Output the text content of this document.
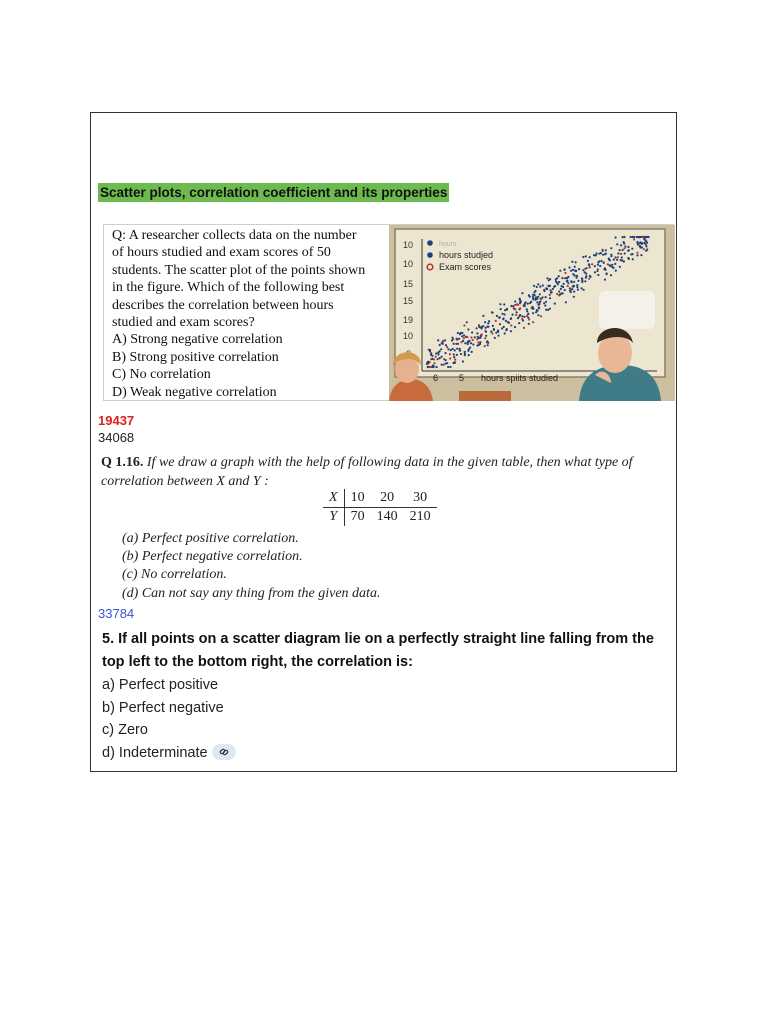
Scatter plots, correlation coefficient and its properties
Q: A researcher collects data on the number
of hours studied and exam scores of 50
students. The scatter plot of the points shown
in the figure. Which of the following best
describes the correlation between hours
studied and exam scores?
A) Strong negative correlation
B) Strong positive correlation
C) No correlation
D) Weak negative correlation
10
10
15
15
19
10
hours
hours studjed
Exam scores
6 5 hours spiits studied
19437
34068
Q 1.16. If we draw a graph with the help of following data in the given table, then what type of correlation between X and Y :
X	10	20	30
Y	70	140	210
(a) Perfect positive correlation.
(b) Perfect negative correlation.
(c) No correlation.
(d) Can not say any thing from the given data.
33784
5. If all points on a scatter diagram lie on a perfectly straight line falling from the top left to the bottom right, the correlation is:
a) Perfect positive
b) Perfect negative
c) Zero
d) Indeterminate
